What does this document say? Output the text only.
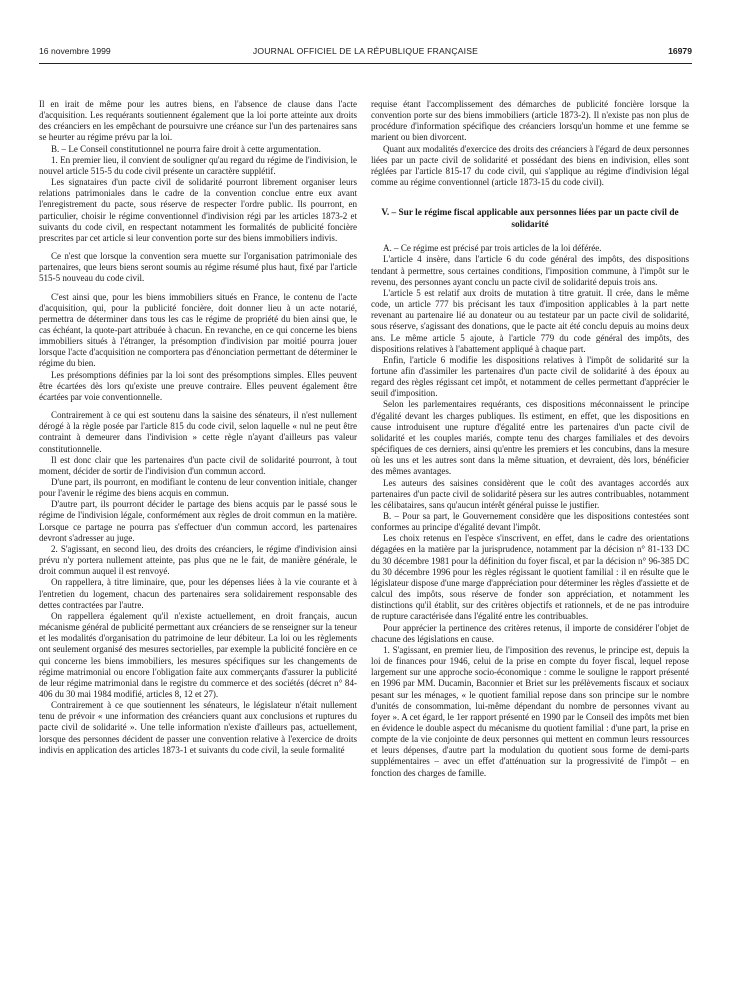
16 novembre 1999	JOURNAL OFFICIEL DE LA RÉPUBLIQUE FRANÇAISE	16979

Il en irait de même pour les autres biens, en l'absence de clause dans l'acte d'acquisition. Les requérants soutiennent également que la loi porte atteinte aux droits des créanciers en les empêchant de poursuivre une créance sur l'un des partenaires sans se heurter au régime prévu par la loi.

B. – Le Conseil constitutionnel ne pourra faire droit à cette argumentation.

1. En premier lieu, il convient de souligner qu'au regard du régime de l'indivision, le nouvel article 515-5 du code civil présente un caractère supplétif.

Les signataires d'un pacte civil de solidarité pourront librement organiser leurs relations patrimoniales dans le cadre de la convention conclue entre eux avant l'enregistrement du pacte, sous réserve de respecter l'ordre public. Ils pourront, en particulier, choisir le régime conventionnel d'indivision régi par les articles 1873-2 et suivants du code civil, en respectant notamment les formalités de publicité foncière prescrites par cet article si leur convention porte sur des biens immobiliers indivis.

Ce n'est que lorsque la convention sera muette sur l'organisation patrimoniale des partenaires, que leurs biens seront soumis au régime résumé plus haut, fixé par l'article 515-5 nouveau du code civil.

C'est ainsi que, pour les biens immobiliers situés en France, le contenu de l'acte d'acquisition, qui, pour la publicité foncière, doit donner lieu à un acte notarié, permettra de déterminer dans tous les cas le régime de propriété du bien ainsi que, le cas échéant, la quote-part attribuée à chacun. En revanche, en ce qui concerne les biens immobiliers situés à l'étranger, la présomption d'indivision par moitié pourra jouer lorsque l'acte d'acquisition ne comportera pas d'énonciation permettant de déterminer le régime du bien.

Les présomptions définies par la loi sont des présomptions simples. Elles peuvent être écartées dès lors qu'existe une preuve contraire. Elles peuvent également être écartées par voie conventionnelle.

Contrairement à ce qui est soutenu dans la saisine des sénateurs, il n'est nullement dérogé à la règle posée par l'article 815 du code civil, selon laquelle « nul ne peut être contraint à demeurer dans l'indivision » cette règle n'ayant d'ailleurs pas valeur constitutionnelle.

Il est donc clair que les partenaires d'un pacte civil de solidarité pourront, à tout moment, décider de sortir de l'indivision d'un commun accord.

D'une part, ils pourront, en modifiant le contenu de leur convention initiale, changer pour l'avenir le régime des biens acquis en commun.

D'autre part, ils pourront décider le partage des biens acquis par le passé sous le régime de l'indivision légale, conformément aux règles de droit commun en la matière. Lorsque ce partage ne pourra pas s'effectuer d'un commun accord, les partenaires devront s'adresser au juge.

2. S'agissant, en second lieu, des droits des créanciers, le régime d'indivision ainsi prévu n'y portera nullement atteinte, pas plus que ne le fait, de manière générale, le droit commun auquel il est renvoyé.

On rappellera, à titre liminaire, que, pour les dépenses liées à la vie courante et à l'entretien du logement, chacun des partenaires sera solidairement responsable des dettes contractées par l'autre.

On rappellera également qu'il n'existe actuellement, en droit français, aucun mécanisme général de publicité permettant aux créanciers de se renseigner sur la teneur et les modalités d'organisation du patrimoine de leur débiteur. La loi ou les règlements ont seulement organisé des mesures sectorielles, par exemple la publicité foncière en ce qui concerne les biens immobiliers, les mesures spécifiques sur les changements de régime matrimonial ou encore l'obligation faite aux commerçants d'assurer la publicité de leur régime matrimonial dans le registre du commerce et des sociétés (décret n° 84-406 du 30 mai 1984 modifié, articles 8, 12 et 27).

Contrairement à ce que soutiennent les sénateurs, le législateur n'était nullement tenu de prévoir « une information des créanciers quant aux conclusions et ruptures du pacte civil de solidarité ». Une telle information n'existe d'ailleurs pas, actuellement, lorsque des personnes décident de passer une convention relative à l'exercice de droits indivis en application des articles 1873-1 et suivants du code civil, la seule formalité

requise étant l'accomplissement des démarches de publicité foncière lorsque la convention porte sur des biens immobiliers (article 1873-2). Il n'existe pas non plus de procédure d'information spécifique des créanciers lorsqu'un homme et une femme se marient ou bien divorcent.

Quant aux modalités d'exercice des droits des créanciers à l'égard de deux personnes liées par un pacte civil de solidarité et possédant des biens en indivision, elles sont réglées par l'article 815-17 du code civil, qui s'applique au régime d'indivision légal comme au régime conventionnel (article 1873-15 du code civil).

V. – Sur le régime fiscal applicable aux personnes liées par un pacte civil de solidarité

A. – Ce régime est précisé par trois articles de la loi déférée.

L'article 4 insère, dans l'article 6 du code général des impôts, des dispositions tendant à permettre, sous certaines conditions, l'imposition commune, à l'impôt sur le revenu, des personnes ayant conclu un pacte civil de solidarité depuis trois ans.

L'article 5 est relatif aux droits de mutation à titre gratuit. Il crée, dans le même code, un article 777 bis précisant les taux d'imposition applicables à la part nette revenant au partenaire lié au donateur ou au testateur par un pacte civil de solidarité, sous réserve, s'agissant des donations, que le pacte ait été conclu depuis au moins deux ans. Le même article 5 ajoute, à l'article 779 du code général des impôts, des dispositions relatives à l'abattement appliqué à chaque part.

Enfin, l'article 6 modifie les dispositions relatives à l'impôt de solidarité sur la fortune afin d'assimiler les partenaires d'un pacte civil de solidarité à des époux au regard des règles régissant cet impôt, et notamment de celles permettant d'apprécier le seuil d'imposition.

Selon les parlementaires requérants, ces dispositions méconnaissent le principe d'égalité devant les charges publiques. Ils estiment, en effet, que les dispositions en cause introduisent une rupture d'égalité entre les partenaires d'un pacte civil de solidarité et les couples mariés, compte tenu des charges familiales et des devoirs spécifiques de ces derniers, ainsi qu'entre les premiers et les concubins, dans la mesure où les uns et les autres sont dans la même situation, et devraient, dès lors, bénéficier des mêmes avantages.

Les auteurs des saisines considèrent que le coût des avantages accordés aux partenaires d'un pacte civil de solidarité pèsera sur les autres contribuables, notamment les célibataires, sans qu'aucun intérêt général puisse le justifier.

B. – Pour sa part, le Gouvernement considère que les dispositions contestées sont conformes au principe d'égalité devant l'impôt.

Les choix retenus en l'espèce s'inscrivent, en effet, dans le cadre des orientations dégagées en la matière par la jurisprudence, notamment par la décision n° 81-133 DC du 30 décembre 1981 pour la définition du foyer fiscal, et par la décision n° 96-385 DC du 30 décembre 1996 pour les règles régissant le quotient familial : il en résulte que le législateur dispose d'une marge d'appréciation pour déterminer les règles d'assiette et de calcul des impôts, sous réserve de fonder son appréciation, et notamment les distinctions qu'il établit, sur des critères objectifs et rationnels, et de ne pas introduire de rupture caractérisée dans l'égalité entre les contribuables.

Pour apprécier la pertinence des critères retenus, il importe de considérer l'objet de chacune des législations en cause.

1. S'agissant, en premier lieu, de l'imposition des revenus, le principe est, depuis la loi de finances pour 1946, celui de la prise en compte du foyer fiscal, lequel repose largement sur une approche socio-économique : comme le souligne le rapport présenté en 1996 par MM. Ducamin, Baconnier et Briet sur les prélèvements fiscaux et sociaux pesant sur les ménages, « le quotient familial repose dans son principe sur le nombre d'unités de consommation, lui-même dépendant du nombre de personnes vivant au foyer ». A cet égard, le 1er rapport présenté en 1990 par le Conseil des impôts met bien en évidence le double aspect du mécanisme du quotient familial : d'une part, la prise en compte de la vie conjointe de deux personnes qui mettent en commun leurs ressources et leurs dépenses, d'autre part la modulation du quotient sous forme de demi-parts supplémentaires – avec un effet d'atténuation sur la progressivité de l'impôt – en fonction des charges de famille.
